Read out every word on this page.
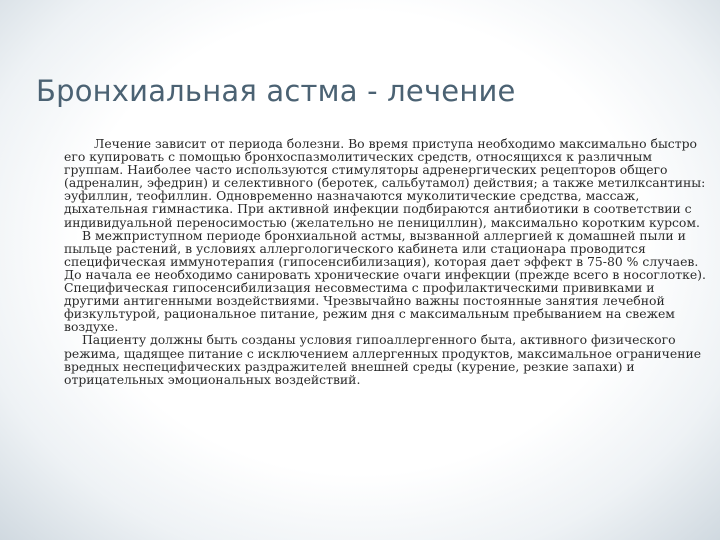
Бронхиальная астма - лечение

Лечение зависит от периода болезни. Во время приступа необходимо максимально быстро его купировать с помощью бронхоспазмолитических средств, относящихся к различным группам. Наиболее часто используются стимуляторы адренергических рецепторов общего (адреналин, эфедрин) и селективного (беротек, сальбутамол) действия; а также метилксантины: эуфиллин, теофиллин. Одновременно назначаются муколитические средства, массаж, дыхательная гимнастика. При активной инфекции подбираются антибиотики в соответствии с индивидуальной переносимостью (желательно не пенициллин), максимально коротким курсом.

В межприступном периоде бронхиальной астмы, вызванной аллергией к домашней пыли и пыльце растений, в условиях аллергологического кабинета или стационара проводится специфическая иммунотерапия (гипосенсибилизация), которая дает эффект в 75-80 % случаев. До начала ее необходимо санировать хронические очаги инфекции (прежде всего в носоглотке). Специфическая гипосенсибилизация несовместима с профилактическими прививками и другими антигенными воздействиями. Чрезвычайно важны постоянные занятия лечебной физкультурой, рациональное питание, режим дня с максимальным пребыванием на свежем воздухе.

Пациенту должны быть созданы условия гипоаллергенного быта, активного физического режима, щадящее питание с исключением аллергенных продуктов, максимальное ограничение вредных неспецифических раздражителей внешней среды (курение, резкие запахи) и отрицательных эмоциональных воздействий.
